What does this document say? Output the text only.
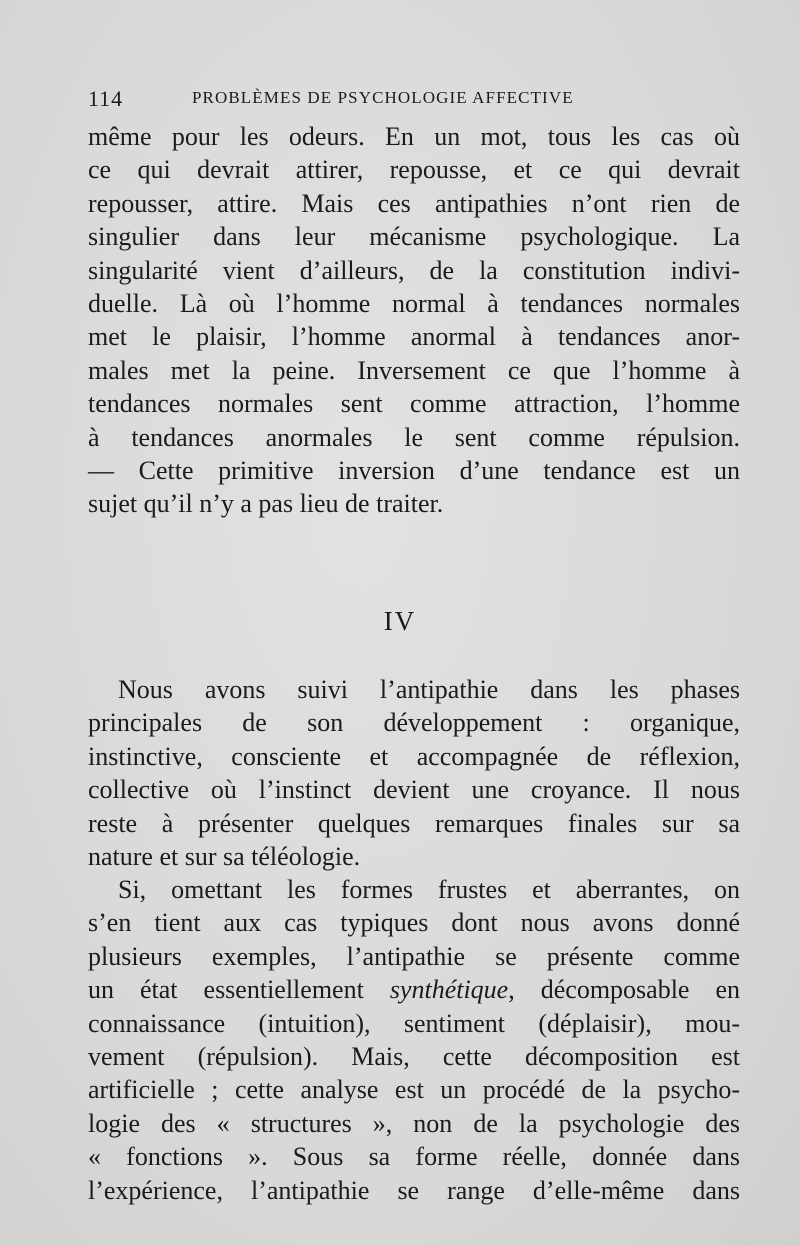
114	PROBLÈMES DE PSYCHOLOGIE AFFECTIVE
même pour les odeurs. En un mot, tous les cas où
ce qui devrait attirer, repousse, et ce qui devrait
repousser, attire. Mais ces antipathies n’ont rien de
singulier dans leur mécanisme psychologique. La
singularité vient d’ailleurs, de la constitution indivi-
duelle. Là où l’homme normal à tendances normales
met le plaisir, l’homme anormal à tendances anor-
males met la peine. Inversement ce que l’homme à
tendances normales sent comme attraction, l’homme
à tendances anormales le sent comme répulsion.
— Cette primitive inversion d’une tendance est un
sujet qu’il n’y a pas lieu de traiter.
IV
Nous avons suivi l’antipathie dans les phases
principales de son développement : organique,
instinctive, consciente et accompagnée de réflexion,
collective où l’instinct devient une croyance. Il nous
reste à présenter quelques remarques finales sur sa
nature et sur sa téléologie.
Si, omettant les formes frustes et aberrantes, on
s’en tient aux cas typiques dont nous avons donné
plusieurs exemples, l’antipathie se présente comme
un état essentiellement synthétique, décomposable en
connaissance (intuition), sentiment (déplaisir), mou-
vement (répulsion). Mais, cette décomposition est
artificielle ; cette analyse est un procédé de la psycho-
logie des « structures », non de la psychologie des
« fonctions ». Sous sa forme réelle, donnée dans
l’expérience, l’antipathie se range d’elle-même dans
